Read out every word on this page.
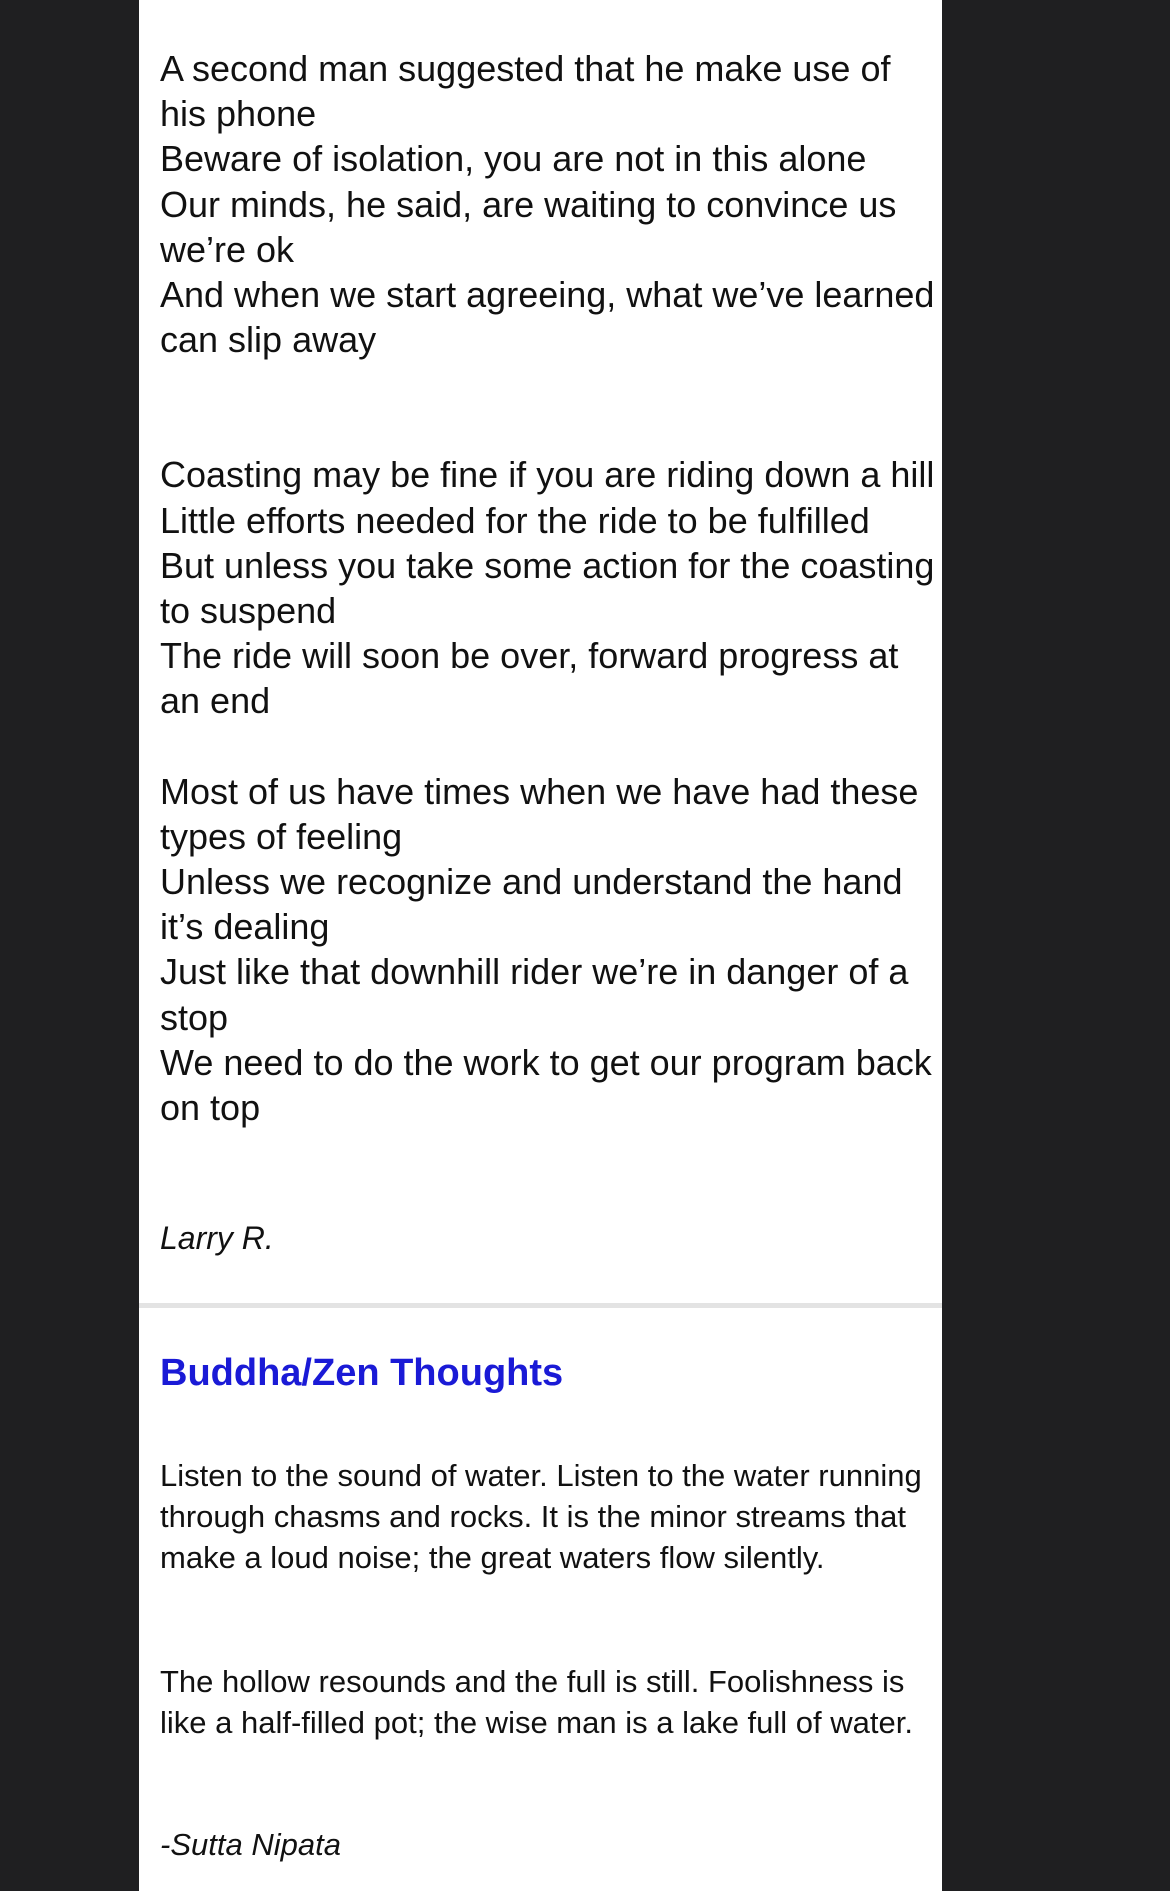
A second man suggested that he make use of his phone
Beware of isolation, you are not in this alone
Our minds, he said, are waiting to convince us we’re ok
And when we start agreeing, what we’ve learned can slip away

Coasting may be fine if you are riding down a hill
Little efforts needed for the ride to be fulfilled
But unless you take some action for the coasting to suspend
The ride will soon be over, forward progress at an end

Most of us have times when we have had these types of feeling
Unless we recognize and understand the hand it’s dealing
Just like that downhill rider we’re in danger of a stop
We need to do the work to get our program back on top

Larry R.

Buddha/Zen Thoughts

Listen to the sound of water. Listen to the water running through chasms and rocks. It is the minor streams that make a loud noise; the great waters flow silently.

The hollow resounds and the full is still. Foolishness is like a half-filled pot; the wise man is a lake full of water.

-Sutta Nipata
